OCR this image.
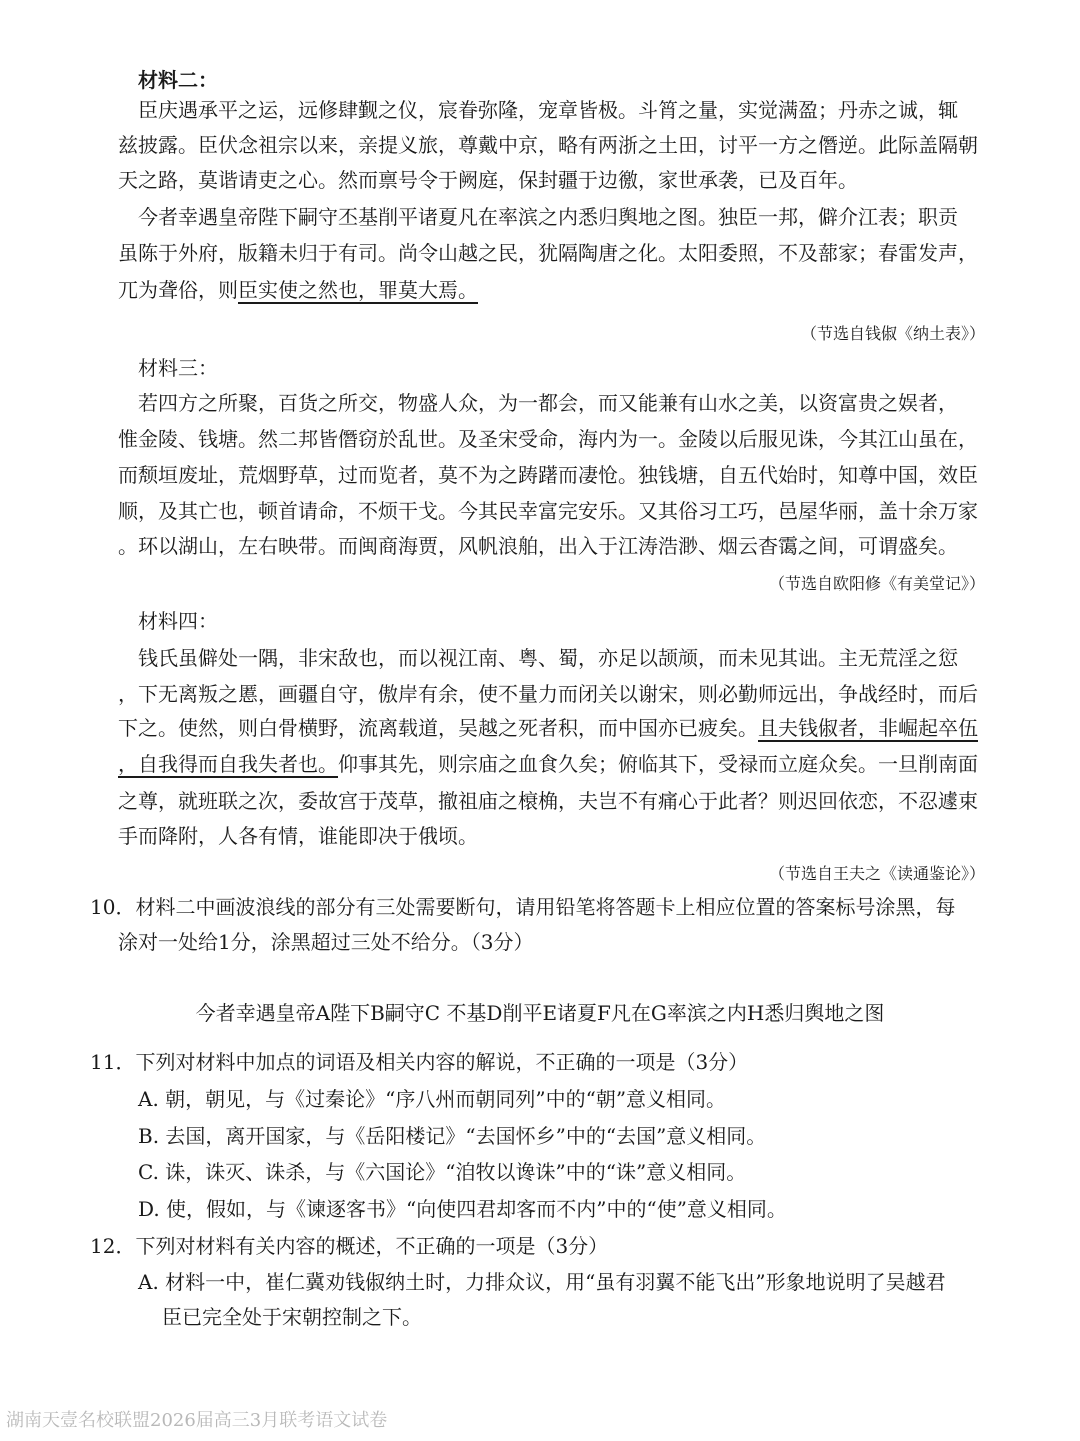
材料二：
臣庆遇承平之运，远修肆觐之仪，宸眷弥隆，宠章皆极。斗筲之量，实觉满盈；丹赤之诚，辄
兹披露。臣伏念祖宗以来，亲提义旅，尊戴中京，略有两浙之土田，讨平一方之僭逆。此际盖隔朝
天之路，莫谐请吏之心。然而禀号令于阙庭，保封疆于边徼，家世承袭，已及百年。
今者幸遇皇帝陛下嗣守丕基削平诸夏凡在率滨之内悉归舆地之图。独臣一邦，僻介江表；职贡
虽陈于外府，版籍未归于有司。尚令山越之民，犹隔陶唐之化。太阳委照，不及蔀家；春雷发声，
兀为聋俗，则臣实使之然也，罪莫大焉。
（节选自钱俶《纳土表》）
材料三：
若四方之所聚，百货之所交，物盛人众，为一都会，而又能兼有山水之美，以资富贵之娱者，
惟金陵、钱塘。然二邦皆僭窃於乱世。及圣宋受命，海内为一。金陵以后服见诛，今其江山虽在，
而颓垣废址，荒烟野草，过而览者，莫不为之踌躇而凄怆。独钱塘，自五代始时，知尊中国，效臣
顺，及其亡也，顿首请命，不烦干戈。今其民幸富完安乐。又其俗习工巧，邑屋华丽，盖十余万家
。环以湖山，左右映带。而闽商海贾，风帆浪舶，出入于江涛浩渺、烟云杳霭之间，可谓盛矣。
（节选自欧阳修《有美堂记》）
材料四：
钱氏虽僻处一隅，非宋敌也，而以视江南、粤、蜀，亦足以颉颃，而未见其诎。主无荒淫之愆
，下无离叛之慝，画疆自守，傲岸有余，使不量力而闭关以谢宋，则必勤师远出，争战经时，而后
下之。使然，则白骨横野，流离载道，吴越之死者积，而中国亦已疲矣。且夫钱俶者，非崛起卒伍
，自我得而自我失者也。仰事其先，则宗庙之血食久矣；俯临其下，受禄而立庭众矣。一旦削南面
之尊，就班联之次，委故宫于茂草，撤祖庙之榱桷，夫岂不有痛心于此者？则迟回依恋，不忍遽束
手而降附，人各有情，谁能即决于俄顷。
（节选自王夫之《读通鉴论》）
10．材料二中画波浪线的部分有三处需要断句，请用铅笔将答题卡上相应位置的答案标号涂黑，每
涂对一处给1分，涂黑超过三处不给分。（3分）
今者幸遇皇帝A陛下B嗣守C 不基D削平E诸夏F凡在G率滨之内H悉归舆地之图
11．下列对材料中加点的词语及相关内容的解说，不正确的一项是（3分）
A. 朝，朝见，与《过秦论》“序八州而朝同列”中的“朝”意义相同。
B. 去国，离开国家，与《岳阳楼记》“去国怀乡”中的“去国”意义相同。
C. 诛，诛灭、诛杀，与《六国论》“洎牧以谗诛”中的“诛”意义相同。
D. 使，假如，与《谏逐客书》“向使四君却客而不内”中的“使”意义相同。
12．下列对材料有关内容的概述，不正确的一项是（3分）
A. 材料一中，崔仁冀劝钱俶纳土时，力排众议，用“虽有羽翼不能飞出”形象地说明了吴越君
臣已完全处于宋朝控制之下。
湖南天壹名校联盟2026届高三3月联考语文试卷
